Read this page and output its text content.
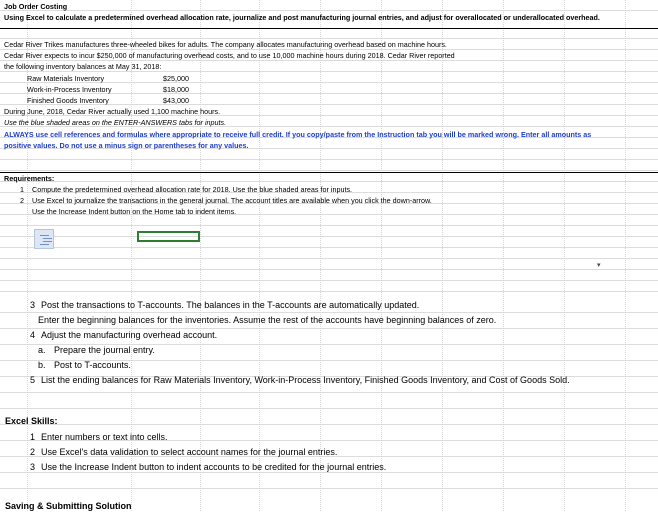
Job Order Costing
Using Excel to calculate a predetermined overhead allocation rate, journalize and post manufacturing journal entries, and adjust for overallocated or underallocated overhead.
Cedar River Trikes manufactures three-wheeled bikes for adults. The company allocates manufacturing overhead based on machine hours.
Cedar River expects to incur $250,000 of manufacturing overhead costs, and to use 10,000 machine hours during 2018. Cedar River reported
the following inventory balances at May 31, 2018:
Raw Materials Inventory	$25,000
Work-in-Process Inventory	$18,000
Finished Goods Inventory	$43,000
During June, 2018, Cedar River actually used 1,100 machine hours.
Use the blue shaded areas on the ENTER-ANSWERS tabs for inputs.
ALWAYS use cell references and formulas where appropriate to receive full credit. If you copy/paste from the Instruction tab you will be marked wrong. Enter all amounts as
positive values. Do not use a minus sign or parentheses for any values.
Requirements:
1 Compute the predetermined overhead allocation rate for 2018. Use the blue shaded areas for inputs.
2 Use Excel to journalize the transactions in the general journal. The account titles are available when you click the down-arrow.
Use the Increase Indent button on the Home tab to indent items.
▾
3 Post the transactions to T-accounts. The balances in the T-accounts are automatically updated.
Enter the beginning balances for the inventories. Assume the rest of the accounts have beginning balances of zero.
4 Adjust the manufacturing overhead account.
a. Prepare the journal entry.
b. Post to T-accounts.
5 List the ending balances for Raw Materials Inventory, Work-in-Process Inventory, Finished Goods Inventory, and Cost of Goods Sold.
Excel Skills:
1 Enter numbers or text into cells.
2 Use Excel's data validation to select account names for the journal entries.
3 Use the Increase Indent button to indent accounts to be credited for the journal entries.
Saving & Submitting Solution
